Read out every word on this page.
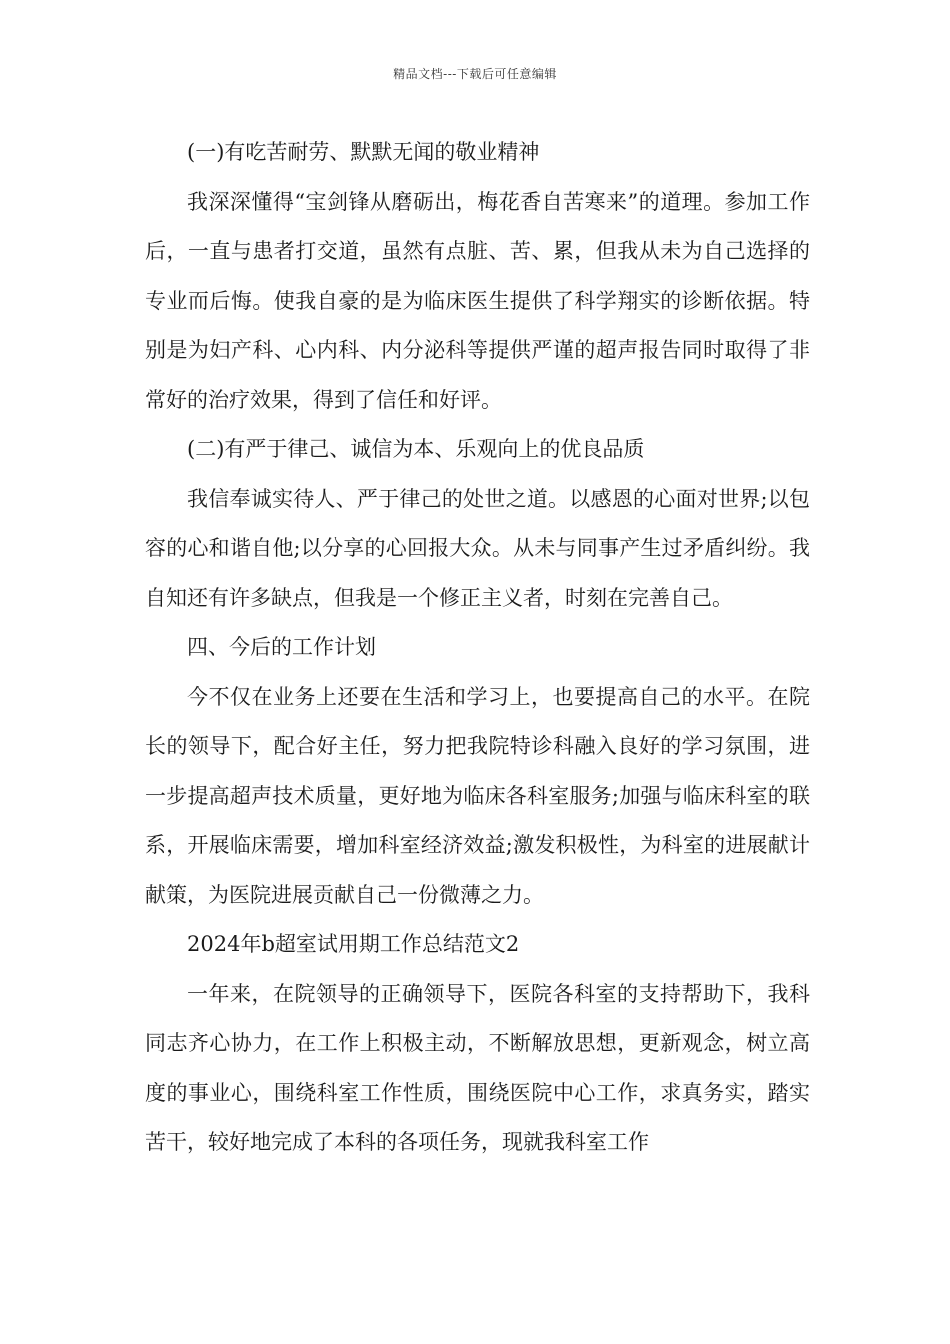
精品文档---下载后可任意编辑

(一)有吃苦耐劳、默默无闻的敬业精神

我深深懂得“宝剑锋从磨砺出，梅花香自苦寒来”的道理。参加工作后，一直与患者打交道，虽然有点脏、苦、累，但我从未为自己选择的专业而后悔。使我自豪的是为临床医生提供了科学翔实的诊断依据。特别是为妇产科、心内科、内分泌科等提供严谨的超声报告同时取得了非常好的治疗效果，得到了信任和好评。

(二)有严于律己、诚信为本、乐观向上的优良品质

我信奉诚实待人、严于律己的处世之道。以感恩的心面对世界;以包容的心和谐自他;以分享的心回报大众。从未与同事产生过矛盾纠纷。我自知还有许多缺点，但我是一个修正主义者，时刻在完善自己。

四、今后的工作计划

今不仅在业务上还要在生活和学习上，也要提高自己的水平。在院长的领导下，配合好主任，努力把我院特诊科融入良好的学习氛围，进一步提高超声技术质量，更好地为临床各科室服务;加强与临床科室的联系，开展临床需要，增加科室经济效益;激发积极性，为科室的进展献计献策，为医院进展贡献自己一份微薄之力。

2024年b超室试用期工作总结范文2

一年来，在院领导的正确领导下，医院各科室的支持帮助下，我科同志齐心协力，在工作上积极主动，不断解放思想，更新观念，树立高度的事业心，围绕科室工作性质，围绕医院中心工作，求真务实，踏实苦干，较好地完成了本科的各项任务，现就我科室工作
